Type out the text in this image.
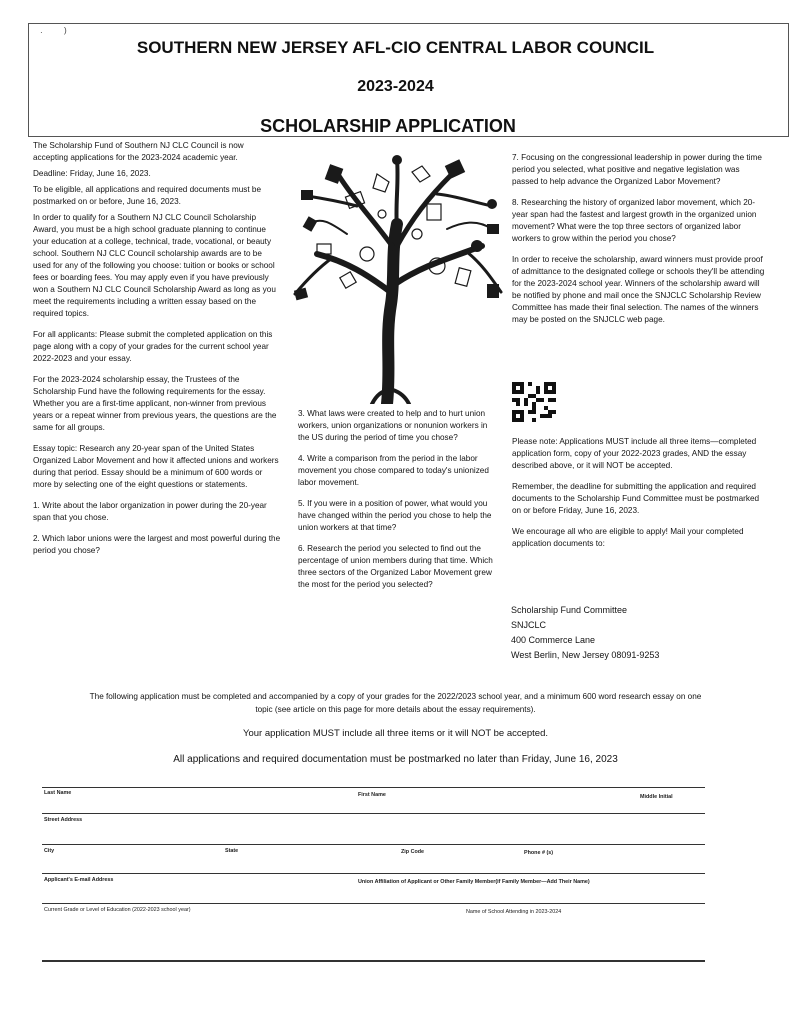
·	)
SOUTHERN NEW JERSEY AFL-CIO CENTRAL LABOR COUNCIL
2023-2024
SCHOLARSHIP APPLICATION

The Scholarship Fund of Southern NJ CLC Council is now accepting applications for the 2023-2024 academic year.

Deadline: Friday, June 16, 2023.

To be eligible, all applications and required documents must be postmarked on or before, June 16, 2023.

In order to qualify for a Southern NJ CLC Council Scholarship Award, you must be a high school graduate planning to continue your education at a college, technical, trade, vocational, or beauty school. Southern NJ CLC Council scholarship awards are to be used for any of the following you choose: tuition or books or school fees or boarding fees. You may apply even if you have previously won a Southern NJ CLC Council Scholarship Award as long as you meet the requirements including a written essay based on the required topics.

For all applicants: Please submit the completed application on this page along with a copy of your grades for the current school year 2022-2023 and your essay.

For the 2023-2024 scholarship essay, the Trustees of the Scholarship Fund have the following requirements for the essay. Whether you are a first-time applicant, non-winner from previous years or a repeat winner from previous years, the questions are the same for all groups.

Essay topic: Research any 20-year span of the United States Organized Labor Movement and how it affected unions and workers during that period. Essay should be a minimum of 600 words or more by selecting one of the eight questions or statements.

1. Write about the labor organization in power during the 20-year span that you chose.

2. Which labor unions were the largest and most powerful during the period you chose?

3. What laws were created to help and to hurt union workers, union organizations or nonunion workers in the US during the period of time you chose?

4. Write a comparison from the period in the labor movement you chose compared to today's unionized labor movement.

5. If you were in a position of power, what would you have changed within the period you chose to help the union workers at that time?

6. Research the period you selected to find out the percentage of union members during that time. Which three sectors of the Organized Labor Movement grew the most for the period you selected?

7. Focusing on the congressional leadership in power during the time period you selected, what positive and negative legislation was passed to help advance the Organized Labor Movement?

8. Researching the history of organized labor movement, which 20-year span had the fastest and largest growth in the organized union movement? What were the top three sectors of organized labor workers to grow within the period you chose?

In order to receive the scholarship, award winners must provide proof of admittance to the designated college or schools they'll be attending for the 2023-2024 school year. Winners of the scholarship award will be notified by phone and mail once the SNJCLC Scholarship Review Committee has made their final selection. The names of the winners may be posted on the SNJCLC web page.

Please note: Applications MUST include all three items—completed application form, copy of your 2022-2023 grades, AND the essay described above, or it will NOT be accepted.

Remember, the deadline for submitting the application and required documents to the Scholarship Fund Committee must be postmarked on or before Friday, June 16, 2023.

We encourage all who are eligible to apply! Mail your completed application documents to:

Scholarship Fund Committee
SNJCLC
400 Commerce Lane
West Berlin, New Jersey 08091-9253
The following application must be completed and accompanied by a copy of your grades for the 2022/2023 school year, and a minimum 600 word research essay on one topic (see article on this page for more details about the essay requirements).
Your application MUST include all three items or it will NOT be accepted.
All applications and required documentation must be postmarked no later than Friday, June 16, 2023
Last Name	First Name	Middle Initial
Street Address
City	State	Zip Code	Phone # (s)
Applicant's E-mail Address	Union Affiliation of Applicant or Other Family Member(if Family Member—Add Their Name)
Current Grade or Level of Education (2022-2023 school year)	Name of School Attending in 2023-2024
